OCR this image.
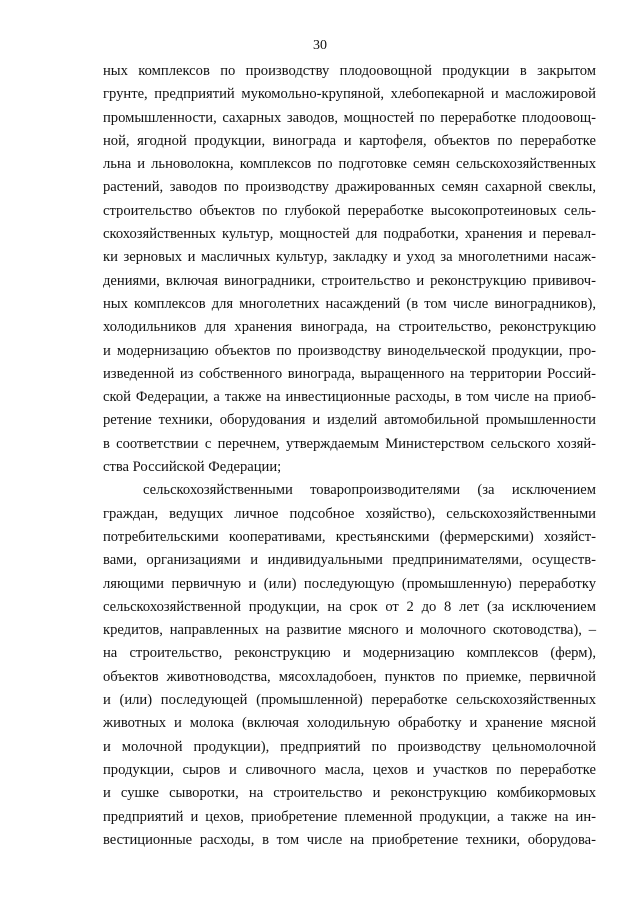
30
ных комплексов по производству плодоовощной продукции в закрытом
грунте, предприятий мукомольно-крупяной, хлебопекарной и масложировой
промышленности, сахарных заводов, мощностей по переработке плодоовощ-
ной, ягодной продукции, винограда и картофеля, объектов по переработке
льна и льноволокна, комплексов по подготовке семян сельскохозяйственных
растений, заводов по производству дражированных семян сахарной свеклы,
строительство объектов по глубокой переработке высокопротеиновых сель-
скохозяйственных культур, мощностей для подработки, хранения и перевал-
ки зерновых и масличных культур, закладку и уход за многолетними насаж-
дениями, включая виноградники, строительство и реконструкцию прививоч-
ных комплексов для многолетних насаждений (в том числе виноградников),
холодильников для хранения винограда, на строительство, реконструкцию
и модернизацию объектов по производству винодельческой продукции, про-
изведенной из собственного винограда, выращенного на территории Россий-
ской Федерации, а также на инвестиционные расходы, в том числе на приоб-
ретение техники, оборудования и изделий автомобильной промышленности
в соответствии с перечнем, утверждаемым Министерством сельского хозяй-
ства Российской Федерации;
сельскохозяйственными товаропроизводителями (за исключением
граждан, ведущих личное подсобное хозяйство), сельскохозяйственными
потребительскими кооперативами, крестьянскими (фермерскими) хозяйст-
вами, организациями и индивидуальными предпринимателями, осуществ-
ляющими первичную и (или) последующую (промышленную) переработку
сельскохозяйственной продукции, на срок от 2 до 8 лет (за исключением
кредитов, направленных на развитие мясного и молочного скотоводства), –
на строительство, реконструкцию и модернизацию комплексов (ферм),
объектов животноводства, мясохладобоен, пунктов по приемке, первичной
и (или) последующей (промышленной) переработке сельскохозяйственных
животных и молока (включая холодильную обработку и хранение мясной
и молочной продукции), предприятий по производству цельномолочной
продукции, сыров и сливочного масла, цехов и участков по переработке
и сушке сыворотки, на строительство и реконструкцию комбикормовых
предприятий и цехов, приобретение племенной продукции, а также на ин-
вестиционные расходы, в том числе на приобретение техники, оборудова-
